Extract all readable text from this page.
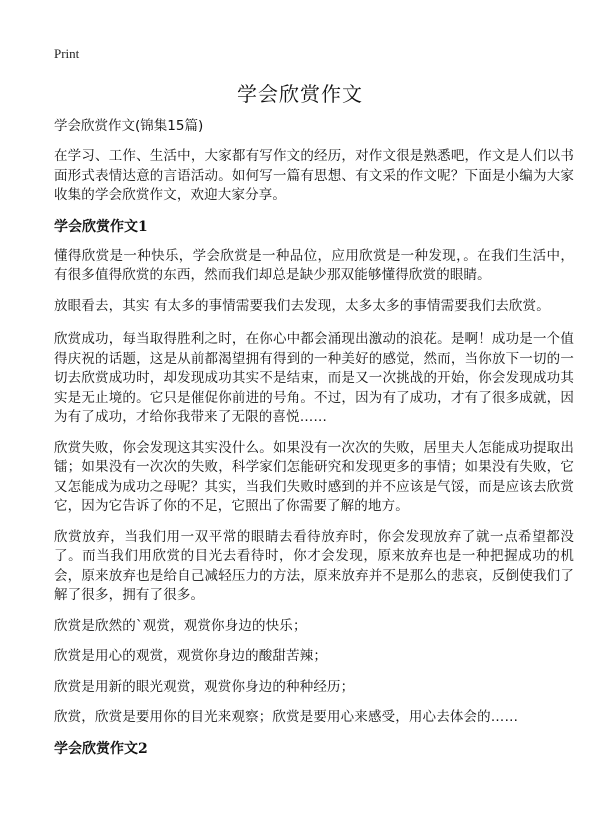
Print
学会欣赏作文

学会欣赏作文(锦集15篇)

在学习、工作、生活中，大家都有写作文的经历，对作文很是熟悉吧，作文是人们以书面形式表情达意的言语活动。如何写一篇有思想、有文采的作文呢？下面是小编为大家收集的学会欣赏作文，欢迎大家分享。

学会欣赏作文1

懂得欣赏是一种快乐，学会欣赏是一种品位，应用欣赏是一种发现，。在我们生活中，有很多值得欣赏的东西，然而我们却总是缺少那双能够懂得欣赏的眼睛。

放眼看去，其实 有太多的事情需要我们去发现，太多太多的事情需要我们去欣赏。

欣赏成功，每当取得胜利之时，在你心中都会涌现出激动的浪花。是啊！成功是一个值得庆祝的话题，这是从前都渴望拥有得到的一种美好的感觉，然而，当你放下一切的一切去欣赏成功时，却发现成功其实不是结束，而是又一次挑战的开始，你会发现成功其实是无止境的。它只是催促你前进的号角。不过，因为有了成功，才有了很多成就，因为有了成功，才给你我带来了无限的喜悦……

欣赏失败，你会发现这其实没什么。如果没有一次次的失败，居里夫人怎能成功提取出镭；如果没有一次次的失败，科学家们怎能研究和发现更多的事情；如果没有失败，它又怎能成为成功之母呢？其实，当我们失败时感到的并不应该是气馁，而是应该去欣赏它，因为它告诉了你的不足，它照出了你需要了解的地方。

欣赏放弃，当我们用一双平常的眼睛去看待放弃时，你会发现放弃了就一点希望都没了。而当我们用欣赏的目光去看待时，你才会发现，原来放弃也是一种把握成功的机会，原来放弃也是给自己减轻压力的方法，原来放弃并不是那么的悲哀，反倒使我们了解了很多，拥有了很多。

欣赏是欣然的`观赏，观赏你身边的快乐；

欣赏是用心的观赏，观赏你身边的酸甜苦辣；

欣赏是用新的眼光观赏，观赏你身边的种种经历；

欣赏，欣赏是要用你的目光来观察；欣赏是要用心来感受，用心去体会的……

学会欣赏作文2
